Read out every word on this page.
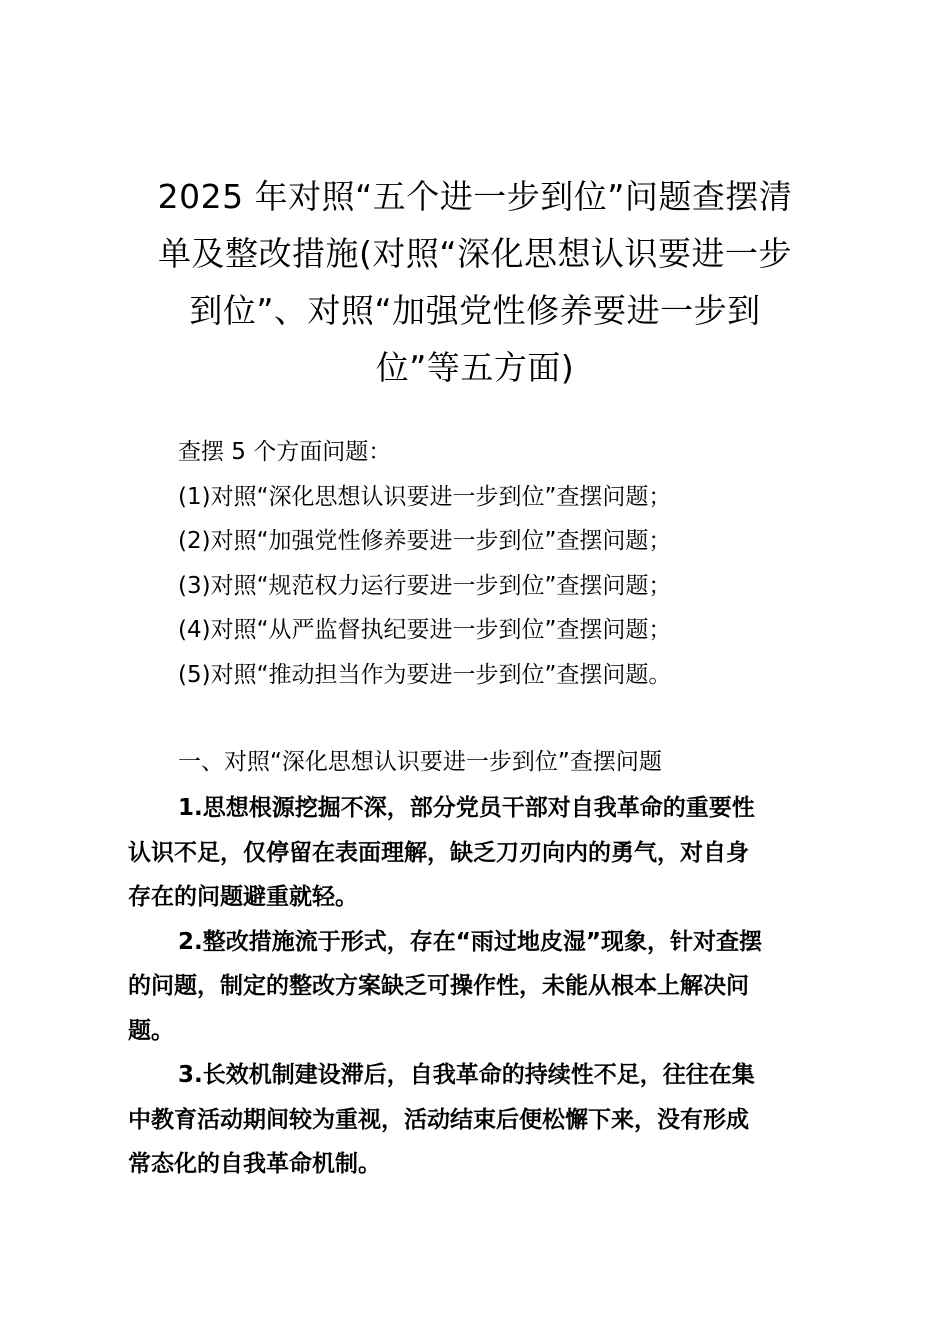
2025 年对照“五个进一步到位”问题查摆清
单及整改措施(对照“深化思想认识要进一步
到位”、对照“加强党性修养要进一步到
位”等五方面)
查摆 5 个方面问题：
(1)对照“深化思想认识要进一步到位”查摆问题；
(2)对照“加强党性修养要进一步到位”查摆问题；
(3)对照“规范权力运行要进一步到位”查摆问题；
(4)对照“从严监督执纪要进一步到位”查摆问题；
(5)对照“推动担当作为要进一步到位”查摆问题。
一、对照“深化思想认识要进一步到位”查摆问题

1.思想根源挖掘不深，部分党员干部对自我革命的重要性
认识不足，仅停留在表面理解，缺乏刀刃向内的勇气，对自身
存在的问题避重就轻。

2.整改措施流于形式，存在“雨过地皮湿”现象，针对查摆
的问题，制定的整改方案缺乏可操作性，未能从根本上解决问
题。

3.长效机制建设滞后，自我革命的持续性不足，往往在集
中教育活动期间较为重视，活动结束后便松懈下来，没有形成
常态化的自我革命机制。
